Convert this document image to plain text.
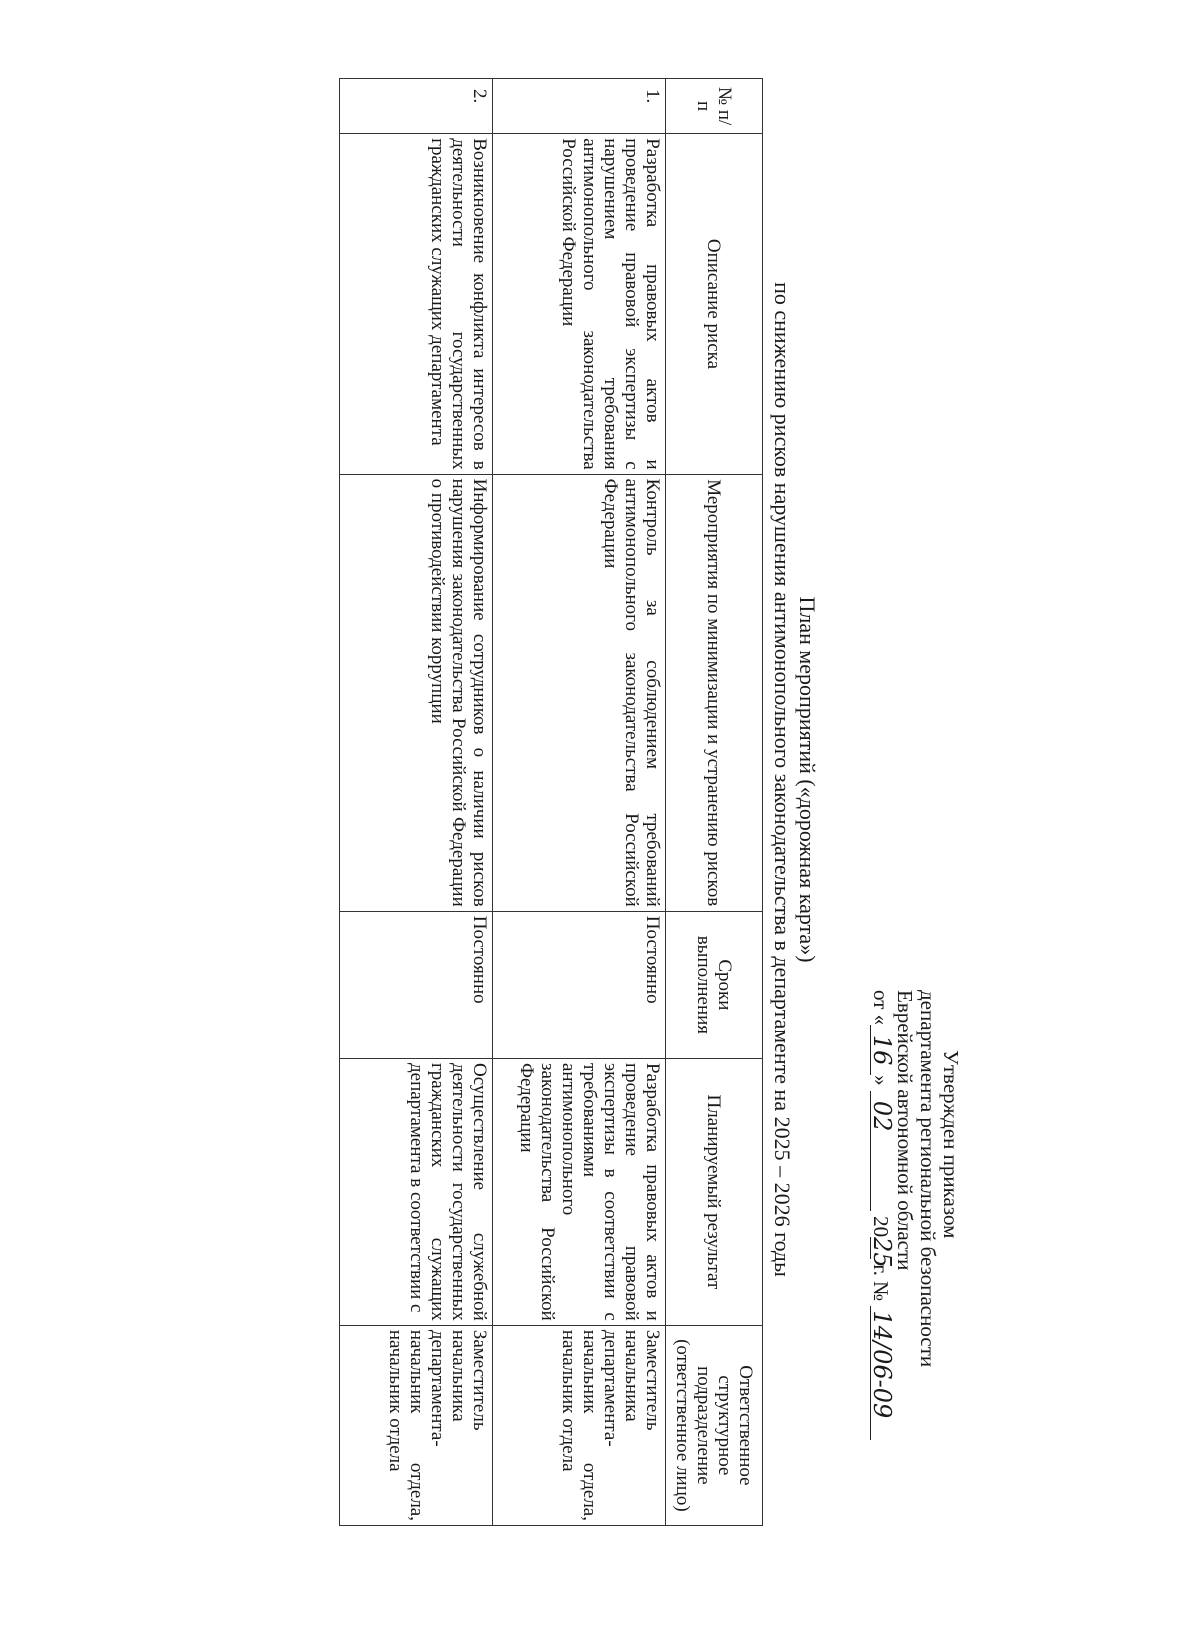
Утвержден приказом
департамента региональной безопасности
Еврейской автономной области
от «16» 02 2025 г. № 14/06-09
План мероприятий («дорожная карта»)
по снижению рисков нарушения антимонопольного законодательства в департаменте на 2025 – 2026 годы
№ п/п	Описание риска	Мероприятия по минимизации и устранению рисков	Сроки выполнения	Планируемый результат	Ответственное структурное подразделение (ответственное лицо)
1.	Разработка правовых актов и проведение правовой экспертизы с нарушением требования антимонопольного законодательства Российской Федерации	Контроль за соблюдением требований антимонопольного законодательства Российской Федерации	Постоянно	Разработка правовых актов и проведение правовой экспертизы в соответствии с требованиями антимонопольного законодательства Российской Федерации	Заместитель начальника департамента-начальник отдела, начальник отдела
2.	Возникновение конфликта интересов в деятельности государственных гражданских служащих департамента	Информирование сотрудников о наличии рисков нарушения законодательства Российской Федерации о противодействии коррупции	Постоянно	Осуществление служебной деятельности государственных гражданских служащих департамента в соответствии с	Заместитель начальника департамента-начальник отдела, начальник отдела
